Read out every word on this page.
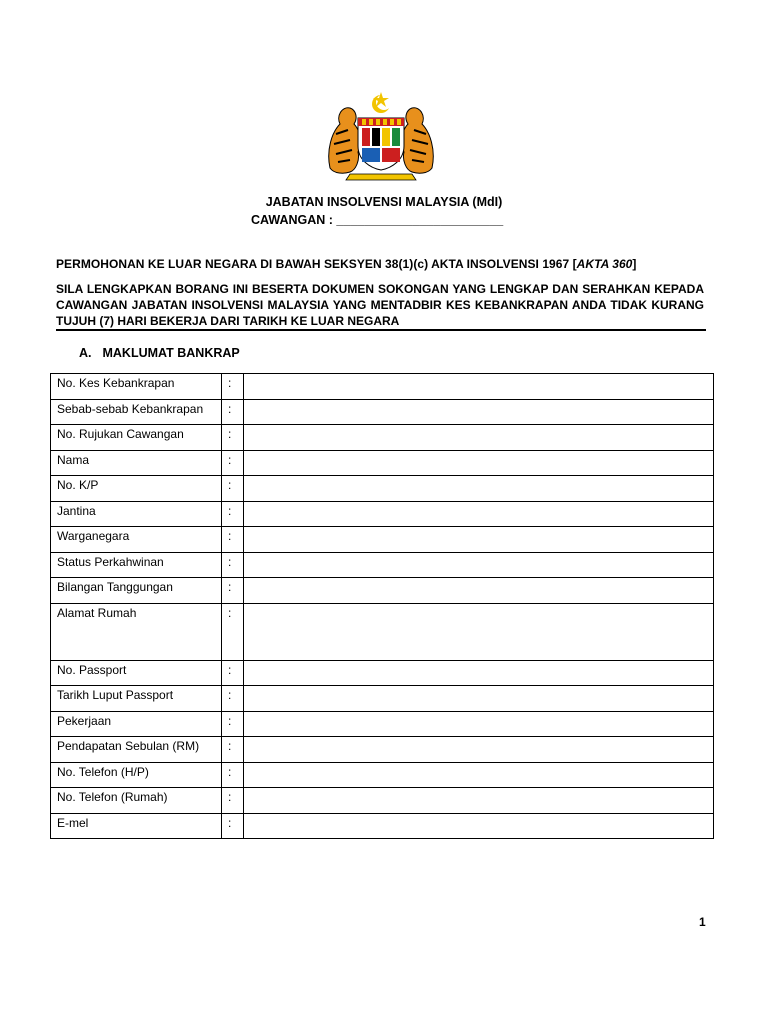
JABATAN INSOLVENSI MALAYSIA (MdI)
CAWANGAN : ________________________
PERMOHONAN KE LUAR NEGARA DI BAWAH SEKSYEN 38(1)(c) AKTA INSOLVENSI 1967 [AKTA 360]
SILA LENGKAPKAN BORANG INI BESERTA DOKUMEN SOKONGAN YANG LENGKAP DAN SERAHKAN KEPADA CAWANGAN JABATAN INSOLVENSI MALAYSIA YANG MENTADBIR KES KEBANKRAPAN ANDA TIDAK KURANG TUJUH (7) HARI BEKERJA DARI TARIKH KE LUAR NEGARA
A. MAKLUMAT BANKRAP
No. Kes Kebankrapan	:	
Sebab-sebab Kebankrapan	:	
No. Rujukan Cawangan	:	
Nama	:	
No. K/P	:	
Jantina	:	
Warganegara	:	
Status Perkahwinan	:	
Bilangan Tanggungan	:	
Alamat Rumah	:	
No. Passport	:	
Tarikh Luput Passport	:	
Pekerjaan	:	
Pendapatan Sebulan (RM)	:	
No. Telefon (H/P)	:	
No. Telefon (Rumah)	:	
E-mel	:	
1
